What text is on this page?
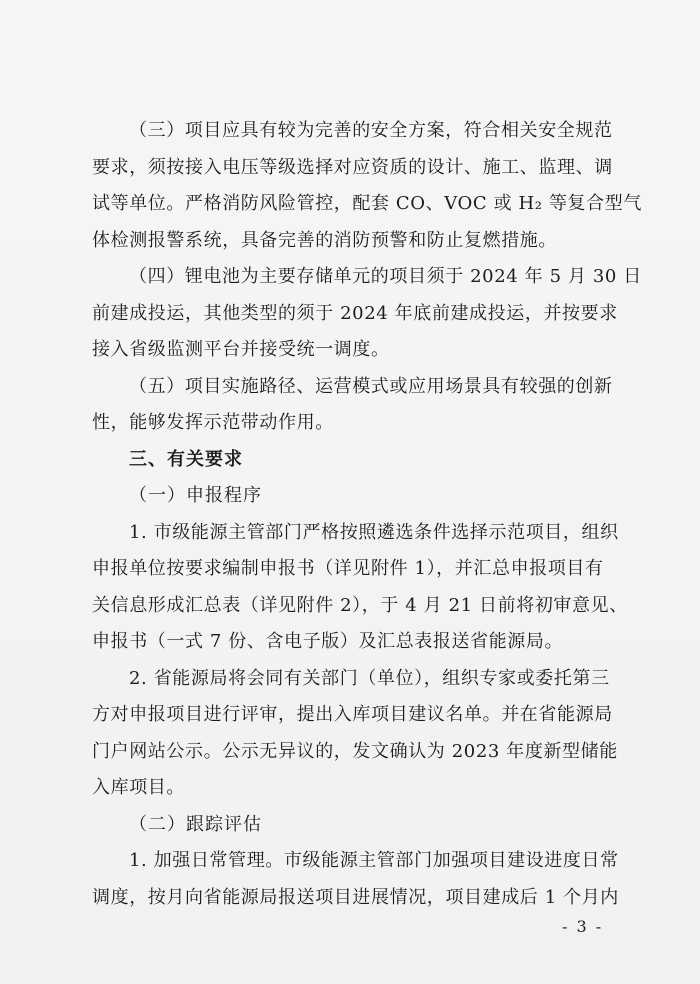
（三）项目应具有较为完善的安全方案，符合相关安全规范
要求，须按接入电压等级选择对应资质的设计、施工、监理、调
试等单位。严格消防风险管控，配套 CO、VOC 或 H₂ 等复合型气
体检测报警系统，具备完善的消防预警和防止复燃措施。
（四）锂电池为主要存储单元的项目须于 2024 年 5 月 30 日
前建成投运，其他类型的须于 2024 年底前建成投运，并按要求
接入省级监测平台并接受统一调度。
（五）项目实施路径、运营模式或应用场景具有较强的创新
性，能够发挥示范带动作用。
三、有关要求
（一）申报程序
1. 市级能源主管部门严格按照遴选条件选择示范项目，组织
申报单位按要求编制申报书（详见附件 1），并汇总申报项目有
关信息形成汇总表（详见附件 2），于 4 月 21 日前将初审意见、
申报书（一式 7 份、含电子版）及汇总表报送省能源局。
2. 省能源局将会同有关部门（单位），组织专家或委托第三
方对申报项目进行评审，提出入库项目建议名单。并在省能源局
门户网站公示。公示无异议的，发文确认为 2023 年度新型储能
入库项目。
（二）跟踪评估
1. 加强日常管理。市级能源主管部门加强项目建设进度日常
调度，按月向省能源局报送项目进展情况，项目建成后 1 个月内
- 3 -
